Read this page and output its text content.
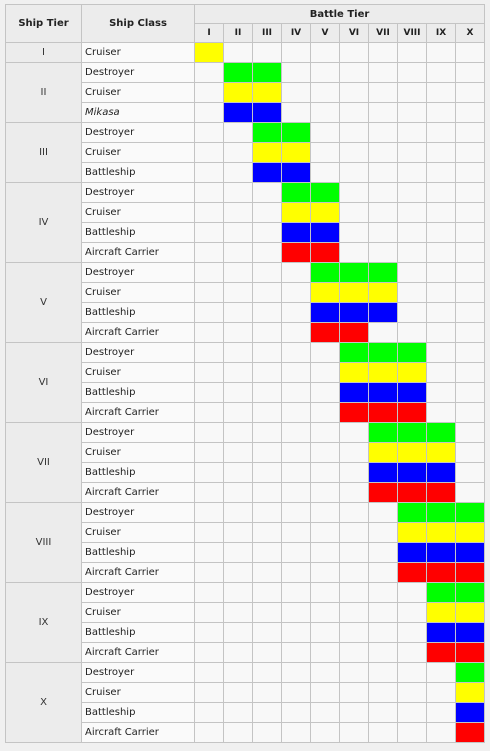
Ship Tier	Ship Class	Battle Tier									
		I	II	III	IV	V	VI	VII	VIII	IX	X
I	Cruiser										
II	Destroyer										
	Cruiser										
	Mikasa										
III	Destroyer										
	Cruiser										
	Battleship										
IV	Destroyer										
	Cruiser										
	Battleship										
	Aircraft Carrier										
V	Destroyer										
	Cruiser										
	Battleship										
	Aircraft Carrier										
VI	Destroyer										
	Cruiser										
	Battleship										
	Aircraft Carrier										
VII	Destroyer										
	Cruiser										
	Battleship										
	Aircraft Carrier										
VIII	Destroyer										
	Cruiser										
	Battleship										
	Aircraft Carrier										
IX	Destroyer										
	Cruiser										
	Battleship										
	Aircraft Carrier										
X	Destroyer										
	Cruiser										
	Battleship										
	Aircraft Carrier										
